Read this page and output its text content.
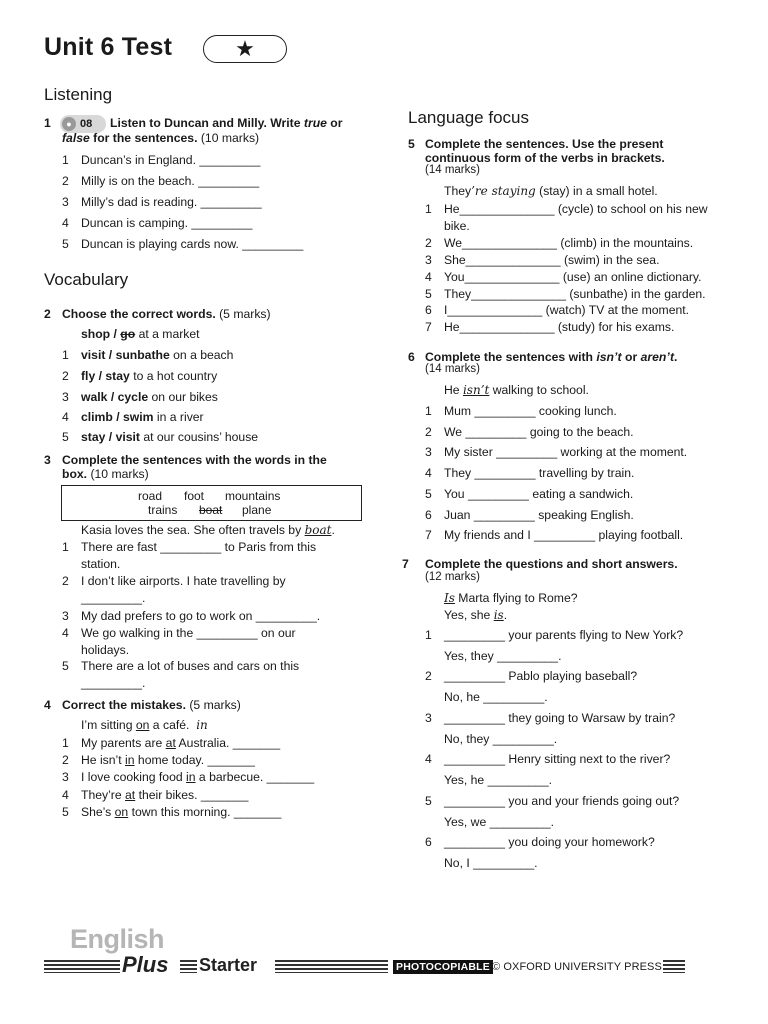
Unit 6 Test	★
Listening
1	● 08 Listen to Duncan and Milly. Write true or
false for the sentences. (10 marks)
1 Duncan’s in England. _________
2 Milly is on the beach. _________
3 Milly’s dad is reading. _________
4 Duncan is camping. _________
5 Duncan is playing cards now. _________
Vocabulary
2 Choose the correct words. (5 marks)
shop / go at a market
1 visit / sunbathe on a beach
2 fly / stay to a hot country
3 walk / cycle on our bikes
4 climb / swim in a river
5 stay / visit at our cousins’ house
3 Complete the sentences with the words in the
box. (10 marks)
road foot mountains
trains boat plane
Kasia loves the sea. She often travels by boat.
1 There are fast _________ to Paris from this
station.
2 I don’t like airports. I hate travelling by
_________.
3 My dad prefers to go to work on _________.
4 We go walking in the _________ on our
holidays.
5 There are a lot of buses and cars on this
_________.
4 Correct the mistakes. (5 marks)
I’m sitting on a café. in
1 My parents are at Australia. _______
2 He isn’t in home today. _______
3 I love cooking food in a barbecue. _______
4 They’re at their bikes. _______
5 She’s on town this morning. _______
Language focus
5 Complete the sentences. Use the present
continuous form of the verbs in brackets.
(14 marks)
They’re staying (stay) in a small hotel.
1 He______________ (cycle) to school on his new
bike.
2 We______________ (climb) in the mountains.
3 She______________ (swim) in the sea.
4 You______________ (use) an online dictionary.
5 They______________ (sunbathe) in the garden.
6 I______________ (watch) TV at the moment.
7 He______________ (study) for his exams.
6 Complete the sentences with isn’t or aren’t.
(14 marks)
He isn’t walking to school.
1 Mum _________ cooking lunch.
2 We _________ going to the beach.
3 My sister _________ working at the moment.
4 They _________ travelling by train.
5 You _________ eating a sandwich.
6 Juan _________ speaking English.
7 My friends and I _________ playing football.
7 Complete the questions and short answers.
(12 marks)
Is Marta flying to Rome?
Yes, she is.
1 _________ your parents flying to New York?
Yes, they _________.
2 _________ Pablo playing baseball?
No, he _________.
3 _________ they going to Warsaw by train?
No, they _________.
4 _________ Henry sitting next to the river?
Yes, he _________.
5 _________ you and your friends going out?
Yes, we _________.
6 _________ you doing your homework?
No, I _________.
English
Plus Starter	PHOTOCOPIABLE © OXFORD UNIVERSITY PRESS
